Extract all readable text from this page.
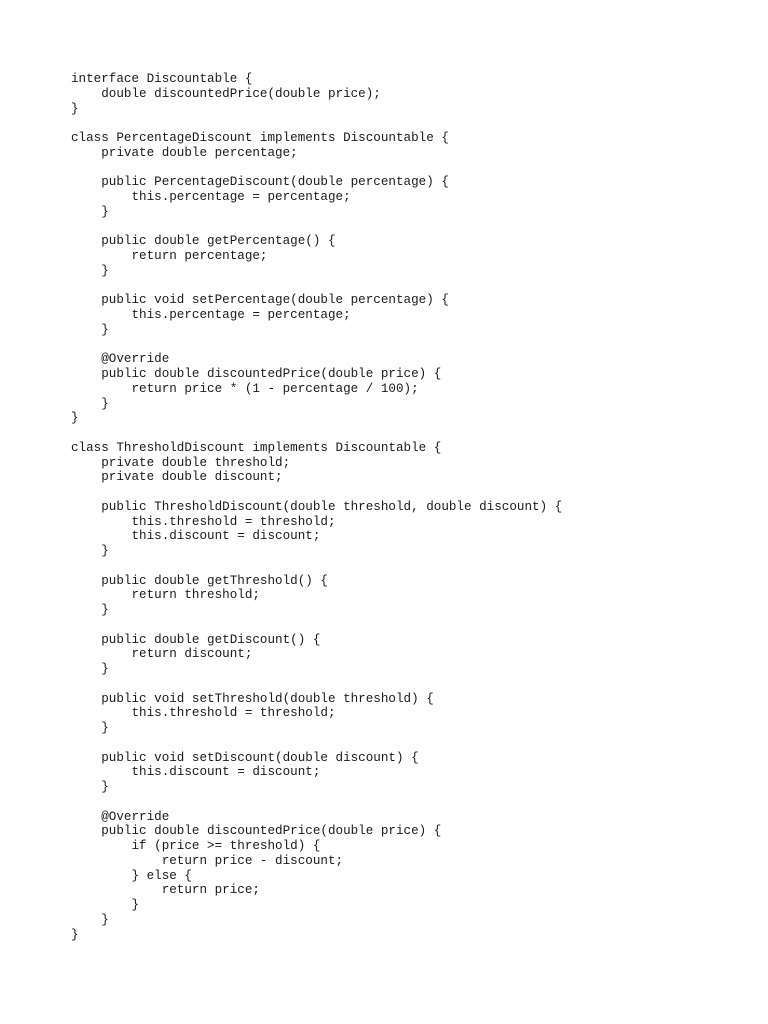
interface Discountable {
double discountedPrice(double price);
}
class PercentageDiscount implements Discountable {
private double percentage;
public PercentageDiscount(double percentage) {
this.percentage = percentage;
}
public double getPercentage() {
return percentage;
}
public void setPercentage(double percentage) {
this.percentage = percentage;
}
@Override
public double discountedPrice(double price) {
return price * (1 - percentage / 100);
}
}
class ThresholdDiscount implements Discountable {
private double threshold;
private double discount;
public ThresholdDiscount(double threshold, double discount) {
this.threshold = threshold;
this.discount = discount;
}
public double getThreshold() {
return threshold;
}
public double getDiscount() {
return discount;
}
public void setThreshold(double threshold) {
this.threshold = threshold;
}
public void setDiscount(double discount) {
this.discount = discount;
}
@Override
public double discountedPrice(double price) {
if (price >= threshold) {
return price - discount;
} else {
return price;
}
}
}
